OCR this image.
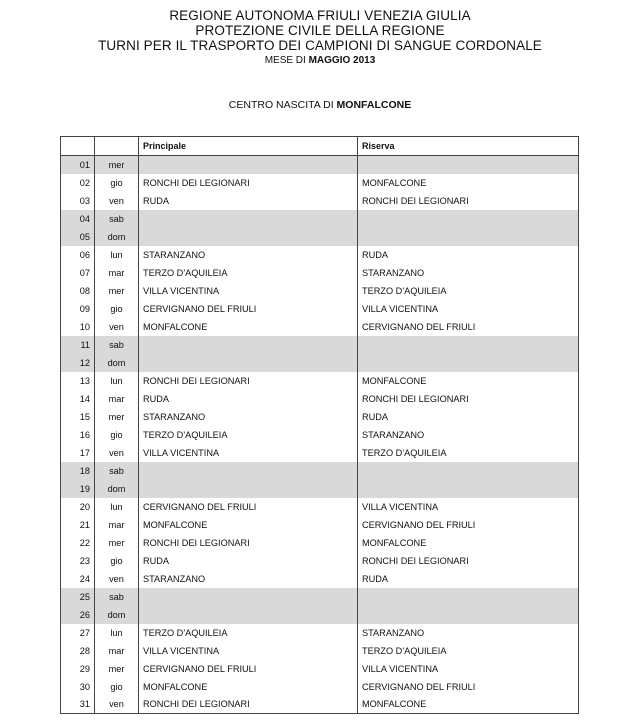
REGIONE AUTONOMA FRIULI VENEZIA GIULIA
PROTEZIONE CIVILE DELLA REGIONE
TURNI PER IL TRASPORTO DEI CAMPIONI DI SANGUE CORDONALE
MESE DI MAGGIO 2013
CENTRO NASCITA DI MONFALCONE
		Principale	Riserva
01	mer		
02	gio	RONCHI DEI LEGIONARI	MONFALCONE
03	ven	RUDA	RONCHI DEI LEGIONARI
04	sab		
05	dom		
06	lun	STARANZANO	RUDA
07	mar	TERZO D'AQUILEIA	STARANZANO
08	mer	VILLA VICENTINA	TERZO D'AQUILEIA
09	gio	CERVIGNANO DEL FRIULI	VILLA VICENTINA
10	ven	MONFALCONE	CERVIGNANO DEL FRIULI
11	sab		
12	dom		
13	lun	RONCHI DEI LEGIONARI	MONFALCONE
14	mar	RUDA	RONCHI DEI LEGIONARI
15	mer	STARANZANO	RUDA
16	gio	TERZO D'AQUILEIA	STARANZANO
17	ven	VILLA VICENTINA	TERZO D'AQUILEIA
18	sab		
19	dom		
20	lun	CERVIGNANO DEL FRIULI	VILLA VICENTINA
21	mar	MONFALCONE	CERVIGNANO DEL FRIULI
22	mer	RONCHI DEI LEGIONARI	MONFALCONE
23	gio	RUDA	RONCHI DEI LEGIONARI
24	ven	STARANZANO	RUDA
25	sab		
26	dom		
27	lun	TERZO D'AQUILEIA	STARANZANO
28	mar	VILLA VICENTINA	TERZO D'AQUILEIA
29	mer	CERVIGNANO DEL FRIULI	VILLA VICENTINA
30	gio	MONFALCONE	CERVIGNANO DEL FRIULI
31	ven	RONCHI DEI LEGIONARI	MONFALCONE
